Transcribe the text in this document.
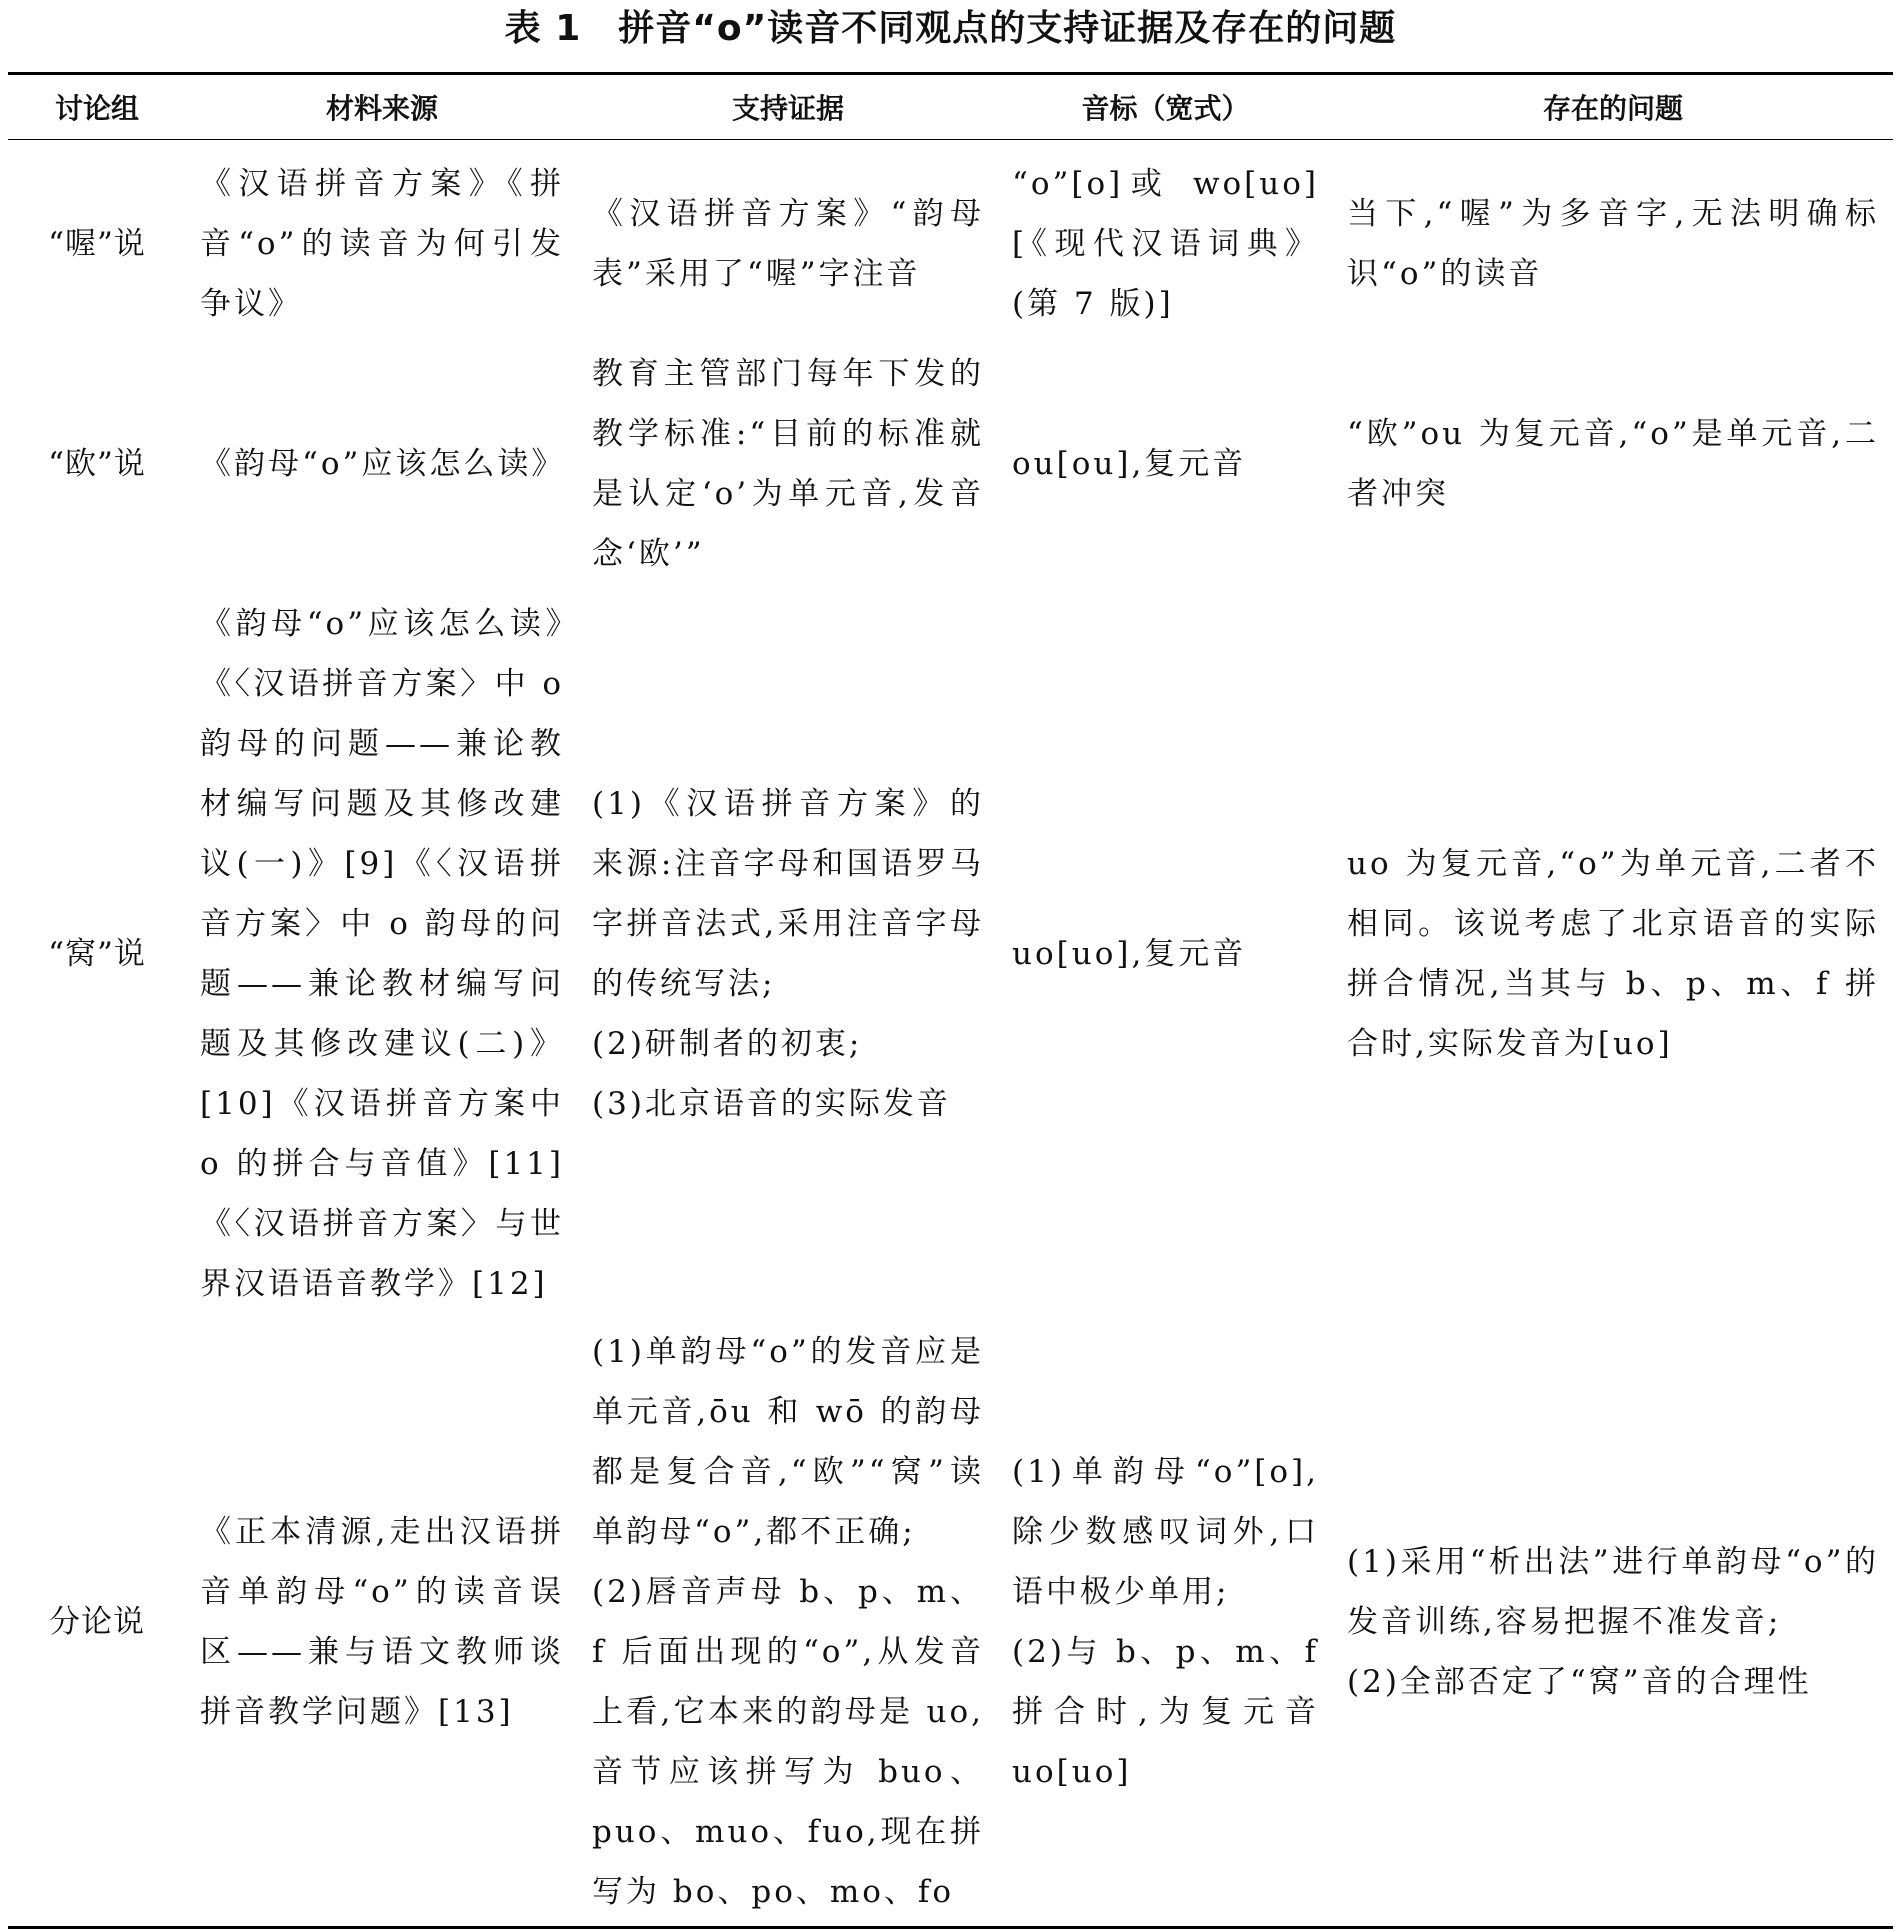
表 1　拼音“o”读音不同观点的支持证据及存在的问题
讨论组	材料来源	支持证据	音标（宽式）	存在的问题
“喔”说	《汉语拼音方案》《拼音“o”的读音为何引发争议》	《汉语拼音方案》“韵母表”采用了“喔”字注音	“o”[o]或 wo[uo][《现代汉语词典》(第 7 版)]	当下,“喔”为多音字,无法明确标识“o”的读音

“欧”说	《韵母“o”应该怎么读》	教育主管部门每年下发的教学标准:“目前的标准就是认定‘o’为单元音,发音念‘欧’”	ou[ou],复元音	“欧”ou 为复元音,“o”是单元音,二者冲突

“窝”说	《韵母“o”应该怎么读》《〈汉语拼音方案〉中 o 韵母的问题——兼论教材编写问题及其修改建议(一)》[9]《〈汉语拼音方案〉中 o 韵母的问题——兼论教材编写问题及其修改建议(二)》[10]《汉语拼音方案中 o 的拼合与音值》[11]《〈汉语拼音方案〉与世界汉语语音教学》[12]	(1)《汉语拼音方案》的来源:注音字母和国语罗马字拼音法式,采用注音字母的传统写法;
(2)研制者的初衷;
(3)北京语音的实际发音	uo[uo],复元音	uo 为复元音,“o”为单元音,二者不相同。该说考虑了北京语音的实际拼合情况,当其与 b、p、m、f 拼合时,实际发音为[uo]

分论说	《正本清源,走出汉语拼音单韵母“o”的读音误区——兼与语文教师谈拼音教学问题》[13]	(1)单韵母“o”的发音应是单元音,ōu 和 wō 的韵母都是复合音,“欧”“窝”读单韵母“o”,都不正确;
(2)唇音声母 b、p、m、f 后面出现的“o”,从发音上看,它本来的韵母是 uo,音节应该拼写为 buo、puo、muo、fuo,现在拼写为 bo、po、mo、fo	(1)单韵母“o”[o],除少数感叹词外,口语中极少单用;
(2)与 b、p、m、f 拼合时,为复元音 uo[uo]	(1)采用“析出法”进行单韵母“o”的发音训练,容易把握不准发音;
(2)全部否定了“窝”音的合理性
